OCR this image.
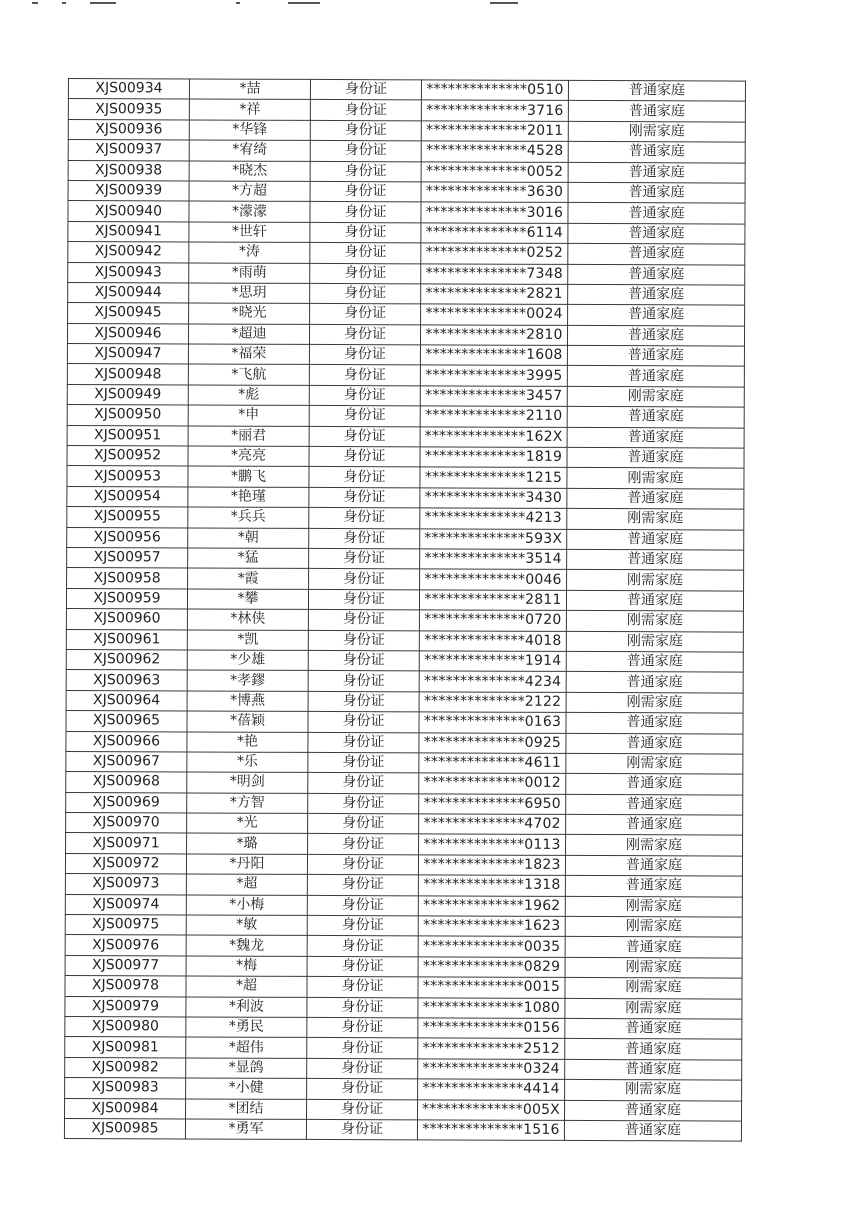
XJS00934	*喆	身份证	**************0510	普通家庭
XJS00935	*祥	身份证	**************3716	普通家庭
XJS00936	*华锋	身份证	**************2011	刚需家庭
XJS00937	*宥绮	身份证	**************4528	普通家庭
XJS00938	*晓杰	身份证	**************0052	普通家庭
XJS00939	*方超	身份证	**************3630	普通家庭
XJS00940	*濛濛	身份证	**************3016	普通家庭
XJS00941	*世轩	身份证	**************6114	普通家庭
XJS00942	*涛	身份证	**************0252	普通家庭
XJS00943	*雨萌	身份证	**************7348	普通家庭
XJS00944	*思玥	身份证	**************2821	普通家庭
XJS00945	*晓光	身份证	**************0024	普通家庭
XJS00946	*超迪	身份证	**************2810	普通家庭
XJS00947	*福荣	身份证	**************1608	普通家庭
XJS00948	*飞航	身份证	**************3995	普通家庭
XJS00949	*彪	身份证	**************3457	刚需家庭
XJS00950	*申	身份证	**************2110	普通家庭
XJS00951	*丽君	身份证	**************162X	普通家庭
XJS00952	*亮亮	身份证	**************1819	普通家庭
XJS00953	*鹏飞	身份证	**************1215	刚需家庭
XJS00954	*艳瑾	身份证	**************3430	普通家庭
XJS00955	*兵兵	身份证	**************4213	刚需家庭
XJS00956	*朝	身份证	**************593X	普通家庭
XJS00957	*猛	身份证	**************3514	普通家庭
XJS00958	*霞	身份证	**************0046	刚需家庭
XJS00959	*攀	身份证	**************2811	普通家庭
XJS00960	*林侠	身份证	**************0720	刚需家庭
XJS00961	*凯	身份证	**************4018	刚需家庭
XJS00962	*少雄	身份证	**************1914	普通家庭
XJS00963	*孝鏐	身份证	**************4234	普通家庭
XJS00964	*博燕	身份证	**************2122	刚需家庭
XJS00965	*蓓颖	身份证	**************0163	普通家庭
XJS00966	*艳	身份证	**************0925	普通家庭
XJS00967	*乐	身份证	**************4611	刚需家庭
XJS00968	*明剑	身份证	**************0012	普通家庭
XJS00969	*方智	身份证	**************6950	普通家庭
XJS00970	*光	身份证	**************4702	普通家庭
XJS00971	*璐	身份证	**************0113	刚需家庭
XJS00972	*丹阳	身份证	**************1823	普通家庭
XJS00973	*超	身份证	**************1318	普通家庭
XJS00974	*小梅	身份证	**************1962	刚需家庭
XJS00975	*敏	身份证	**************1623	刚需家庭
XJS00976	*魏龙	身份证	**************0035	普通家庭
XJS00977	*梅	身份证	**************0829	刚需家庭
XJS00978	*超	身份证	**************0015	刚需家庭
XJS00979	*利波	身份证	**************1080	刚需家庭
XJS00980	*勇民	身份证	**************0156	普通家庭
XJS00981	*超伟	身份证	**************2512	普通家庭
XJS00982	*显鸽	身份证	**************0324	普通家庭
XJS00983	*小健	身份证	**************4414	刚需家庭
XJS00984	*团结	身份证	**************005X	普通家庭
XJS00985	*勇军	身份证	**************1516	普通家庭
